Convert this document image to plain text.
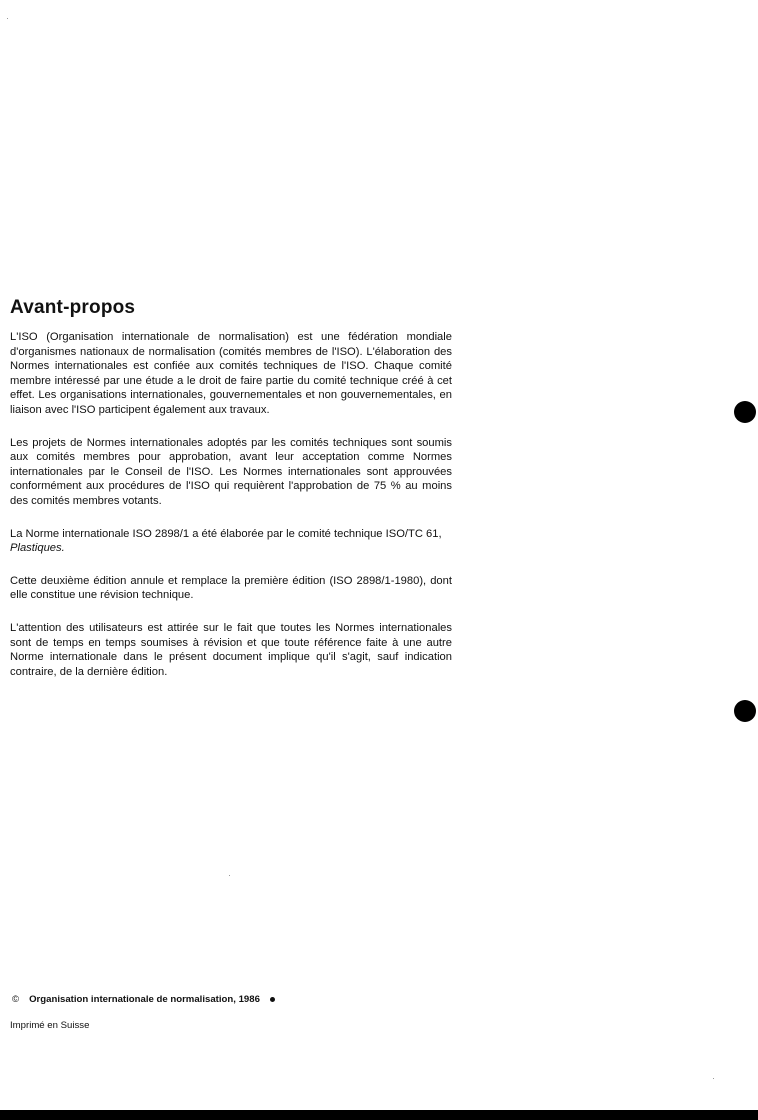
Avant-propos

L'ISO (Organisation internationale de normalisation) est une fédération mondiale d'organismes nationaux de normalisation (comités membres de l'ISO). L'élaboration des Normes internationales est confiée aux comités techniques de l'ISO. Chaque comité membre intéressé par une étude a le droit de faire partie du comité technique créé à cet effet. Les organisations internationales, gouvernementales et non gouvernementales, en liaison avec l'ISO participent également aux travaux.

Les projets de Normes internationales adoptés par les comités techniques sont soumis aux comités membres pour approbation, avant leur acceptation comme Normes internationales par le Conseil de l'ISO. Les Normes internationales sont approuvées conformément aux procédures de l'ISO qui requièrent l'approbation de 75 % au moins des comités membres votants.

La Norme internationale ISO 2898/1 a été élaborée par le comité technique ISO/TC 61,
Plastiques.

Cette deuxième édition annule et remplace la première édition (ISO 2898/1-1980), dont elle constitue une révision technique.

L'attention des utilisateurs est attirée sur le fait que toutes les Normes internationales sont de temps en temps soumises à révision et que toute référence faite à une autre Norme internationale dans le présent document implique qu'il s'agit, sauf indication contraire, de la dernière édition.

© Organisation internationale de normalisation, 1986
Imprimé en Suisse
